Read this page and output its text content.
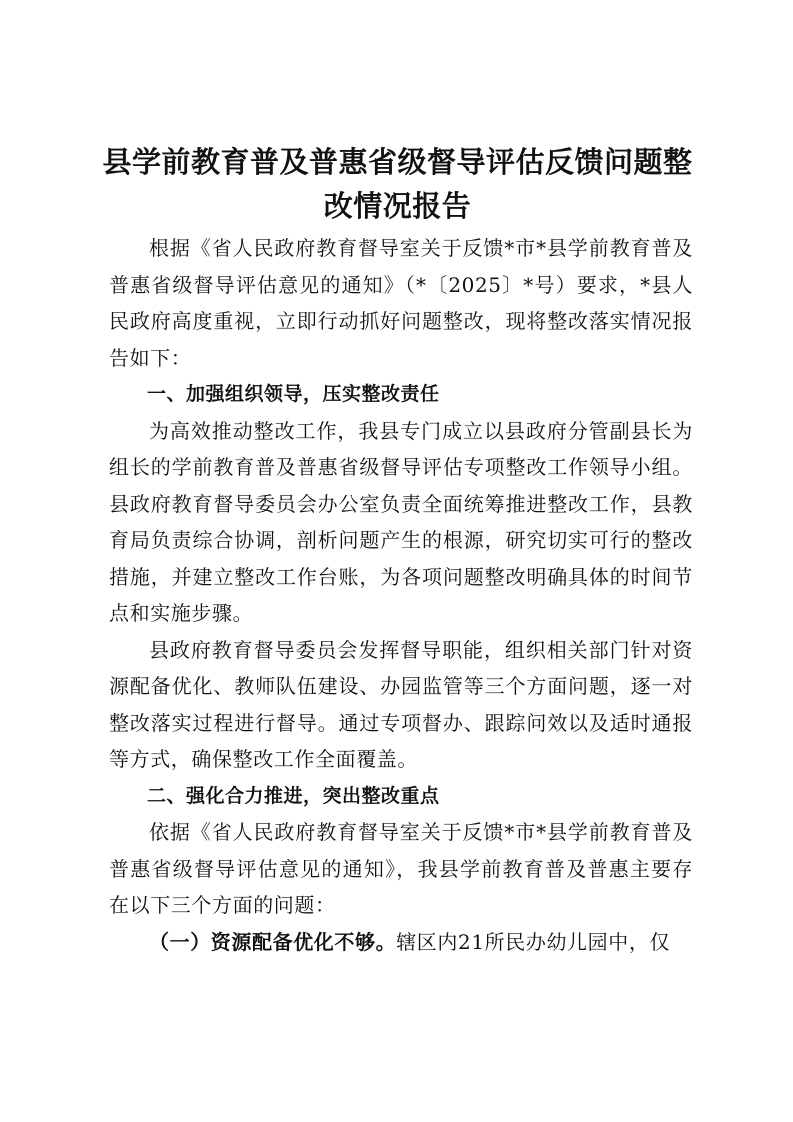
县学前教育普及普惠省级督导评估反馈问题整改情况报告

根据《省人民政府教育督导室关于反馈*市*县学前教育普及普惠省级督导评估意见的通知》（*〔2025〕*号）要求，*县人民政府高度重视，立即行动抓好问题整改，现将整改落实情况报告如下：

一、加强组织领导，压实整改责任

为高效推动整改工作，我县专门成立以县政府分管副县长为组长的学前教育普及普惠省级督导评估专项整改工作领导小组。县政府教育督导委员会办公室负责全面统筹推进整改工作，县教育局负责综合协调，剖析问题产生的根源，研究切实可行的整改措施，并建立整改工作台账，为各项问题整改明确具体的时间节点和实施步骤。

县政府教育督导委员会发挥督导职能，组织相关部门针对资源配备优化、教师队伍建设、办园监管等三个方面问题，逐一对整改落实过程进行督导。通过专项督办、跟踪问效以及适时通报等方式，确保整改工作全面覆盖。

二、强化合力推进，突出整改重点

依据《省人民政府教育督导室关于反馈*市*县学前教育普及普惠省级督导评估意见的通知》，我县学前教育普及普惠主要存在以下三个方面的问题：

（一）资源配备优化不够。辖区内21所民办幼儿园中，仅
